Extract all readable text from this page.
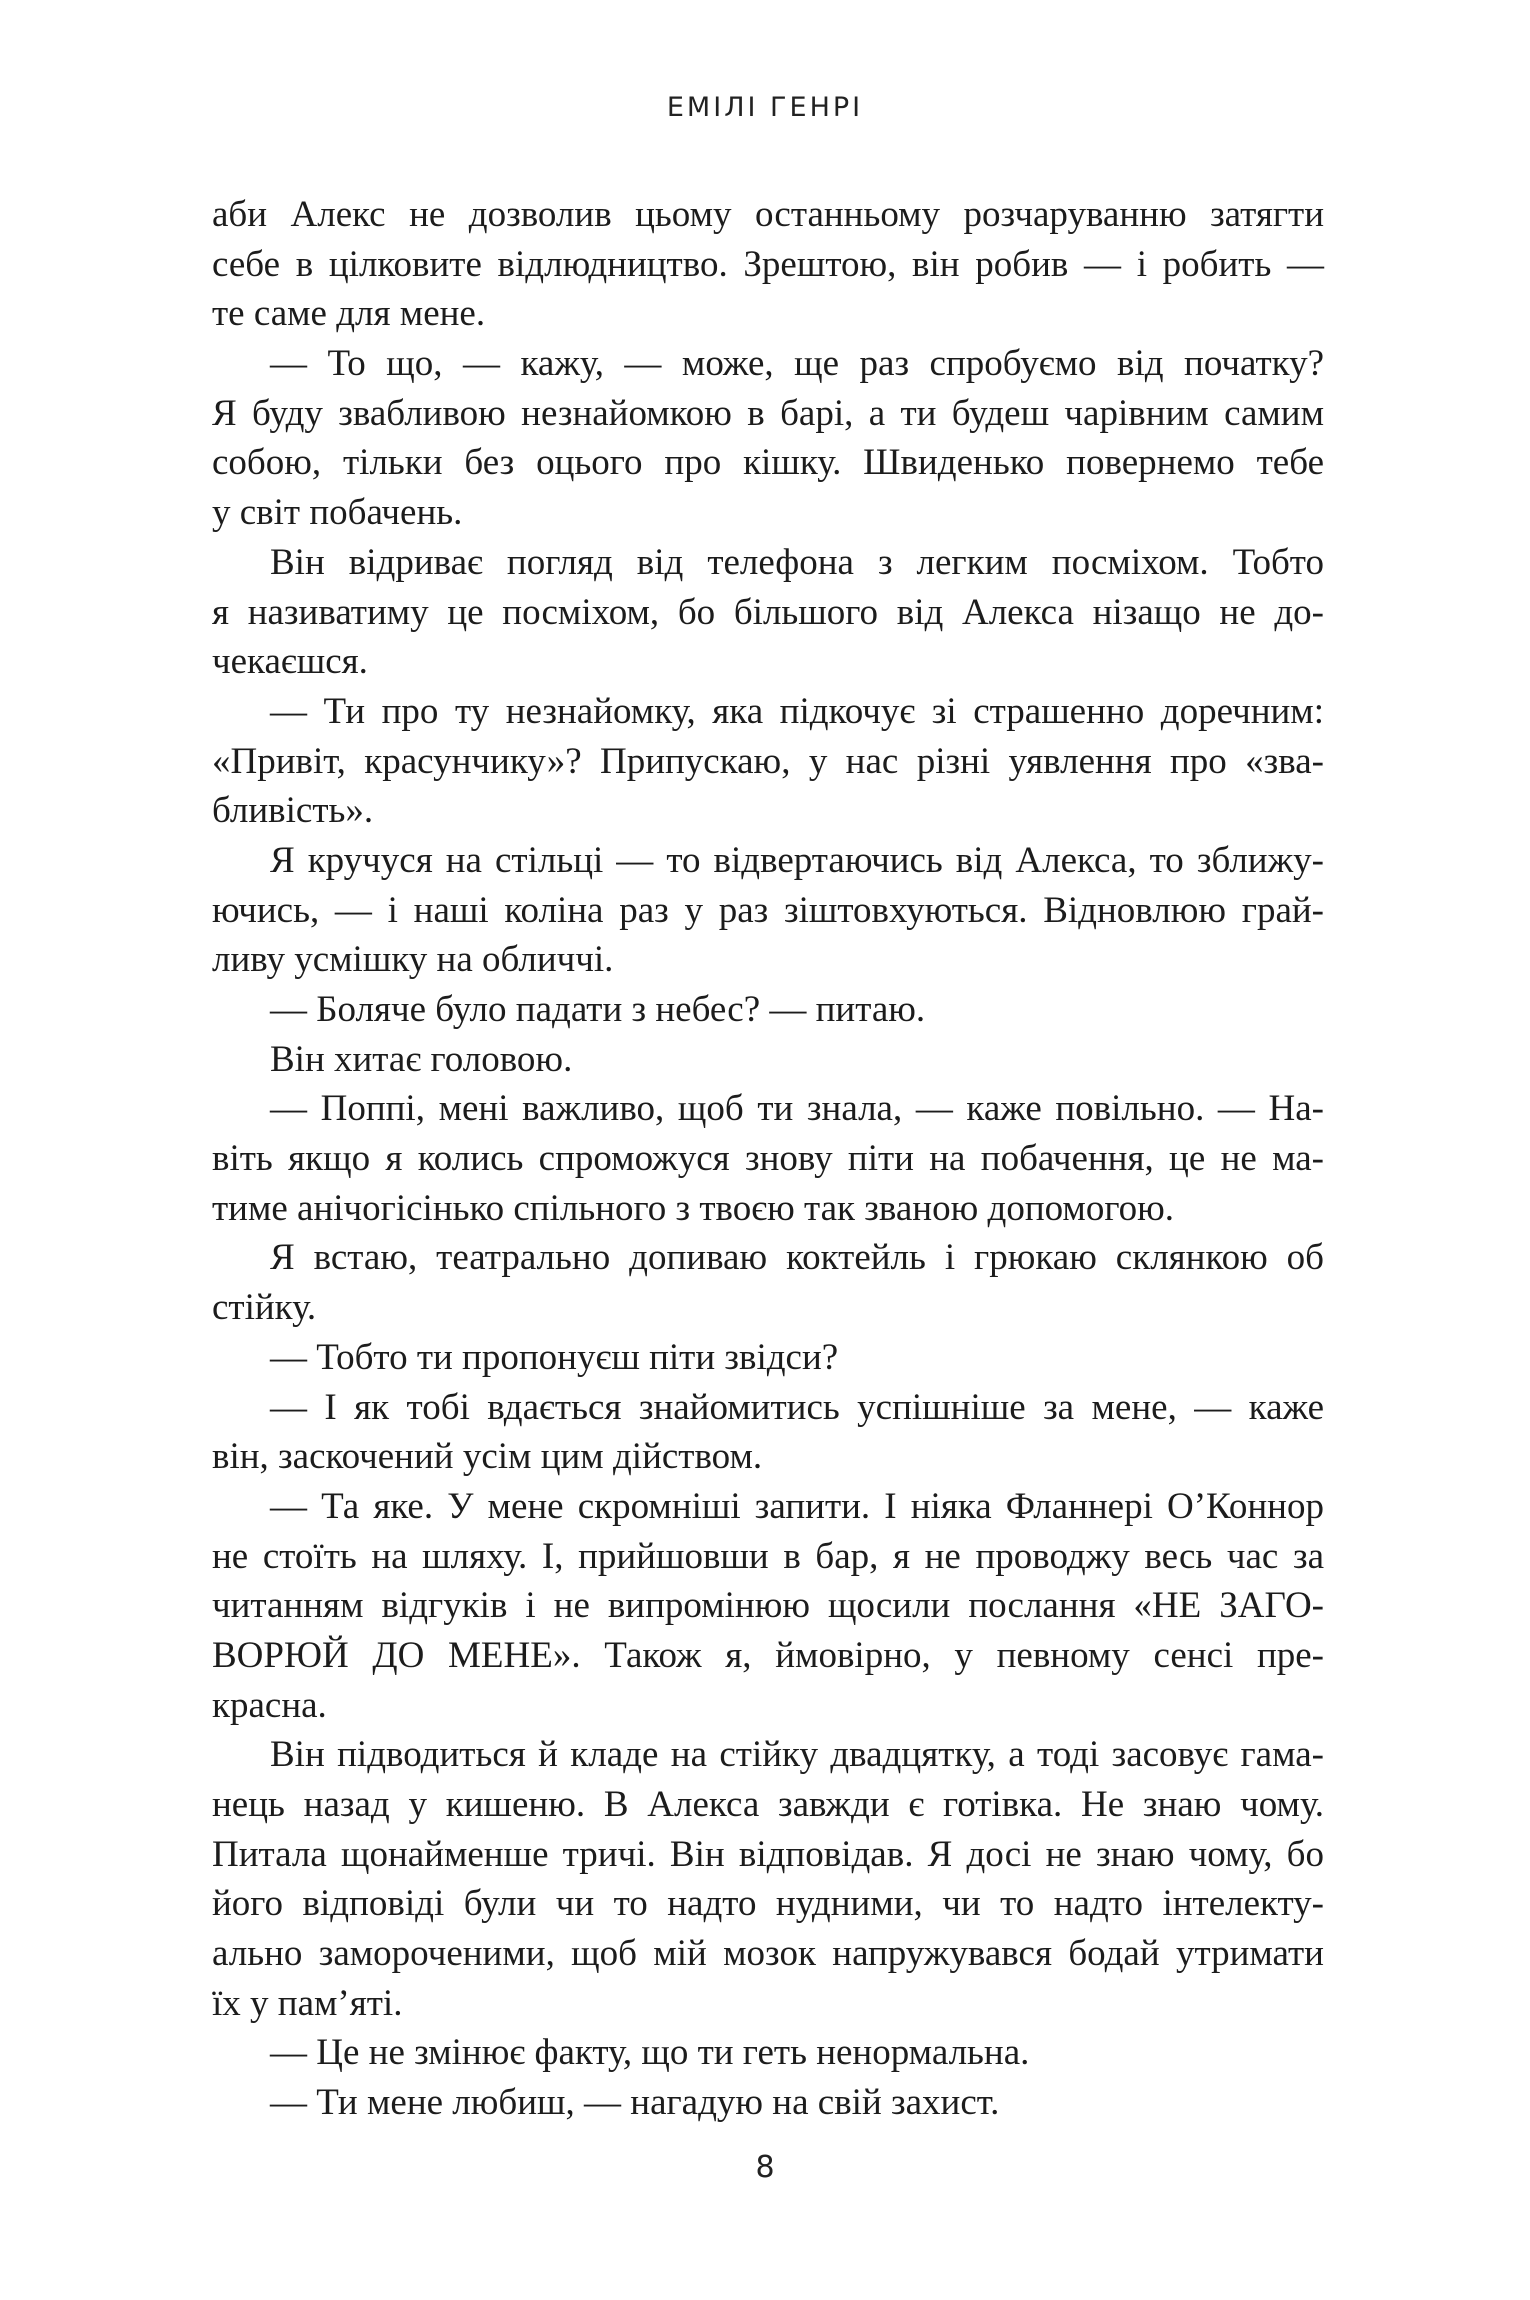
ЕМІЛІ ГЕНРІ
аби Алекс не дозволив цьому останньому розчаруванню затягти
себе в цілковите відлюдництво. Зрештою, він робив — і робить —
те саме для мене.
— То що, — кажу, — може, ще раз спробуємо від початку?
Я буду звабливою незнайомкою в барі, а ти будеш чарівним самим
собою, тільки без оцього про кішку. Швиденько повернемо тебе
у світ побачень.
Він відриває погляд від телефона з легким посміхом. Тобто
я називатиму це посміхом, бо більшого від Алекса нізащо не до-
чекаєшся.
— Ти про ту незнайомку, яка підкочує зі страшенно доречним:
«Привіт, красунчику»? Припускаю, у нас різні уявлення про «зва-
бливість».
Я кручуся на стільці — то відвертаючись від Алекса, то зближу-
ючись, — і наші коліна раз у раз зіштовхуються. Відновлюю грай-
ливу усмішку на обличчі.
— Боляче було падати з небес? — питаю.
Він хитає головою.
— Поппі, мені важливо, щоб ти знала, — каже повільно. — На-
віть якщо я колись спроможуся знову піти на побачення, це не ма-
тиме анічогісінько спільного з твоєю так званою допомогою.
Я встаю, театрально допиваю коктейль і грюкаю склянкою об
стійку.
— Тобто ти пропонуєш піти звідси?
— І як тобі вдається знайомитись успішніше за мене, — каже
він, заскочений усім цим дійством.
— Та яке. У мене скромніші запити. І ніяка Фланнері О’Коннор
не стоїть на шляху. І, прийшовши в бар, я не проводжу весь час за
читанням відгуків і не випромінюю щосили послання «НЕ ЗАГО-
ВОРЮЙ ДО МЕНЕ». Також я, ймовірно, у певному сенсі пре-
красна.
Він підводиться й кладе на стійку двадцятку, а тоді засовує гама-
нець назад у кишеню. В Алекса завжди є готівка. Не знаю чому.
Питала щонайменше тричі. Він відповідав. Я досі не знаю чому, бо
його відповіді були чи то надто нудними, чи то надто інтелекту-
ально замороченими, щоб мій мозок напружувався бодай утримати
їх у пам’яті.
— Це не змінює факту, що ти геть ненормальна.
— Ти мене любиш, — нагадую на свій захист.
8
